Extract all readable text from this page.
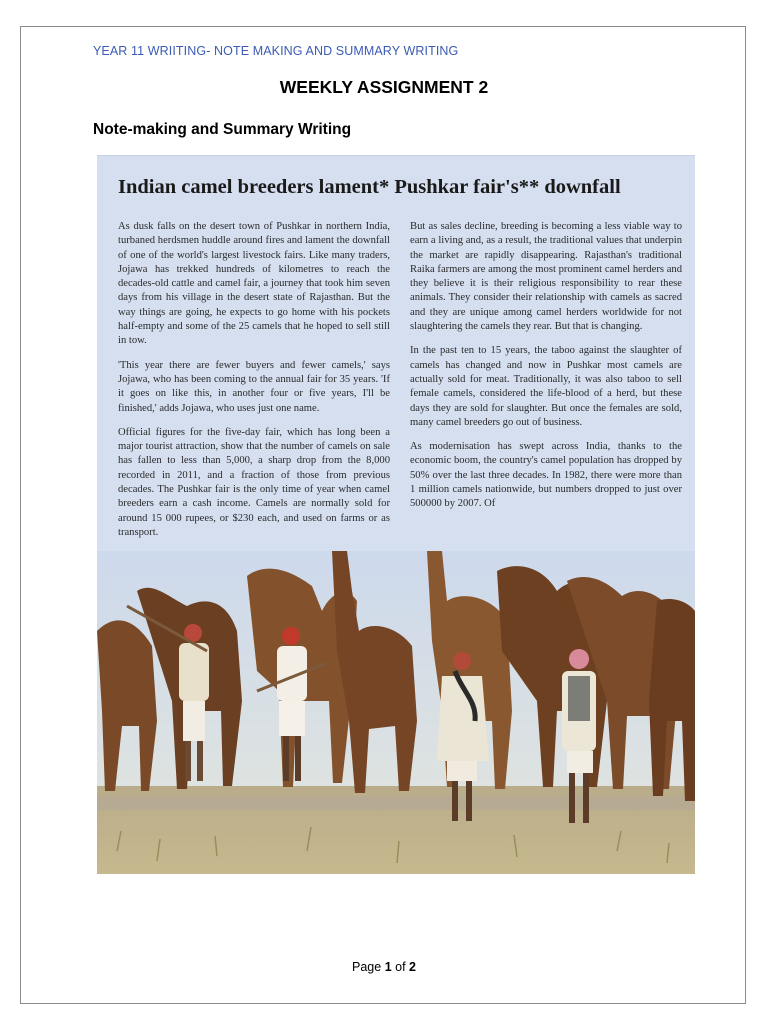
YEAR 11 WRIITING- NOTE MAKING AND SUMMARY WRITING
WEEKLY ASSIGNMENT 2
Note-making and Summary Writing
Indian camel breeders lament* Pushkar fair's** downfall

As dusk falls on the desert town of Pushkar in northern India, turbaned herdsmen huddle around fires and lament the downfall of one of the world's largest livestock fairs. Like many traders, Jojawa has trekked hundreds of kilometres to reach the decades-old cattle and camel fair, a journey that took him seven days from his village in the desert state of Rajasthan. But the way things are going, he expects to go home with his pockets half-empty and some of the 25 camels that he hoped to sell still in tow.

'This year there are fewer buyers and fewer camels,' says Jojawa, who has been coming to the annual fair for 35 years. 'If it goes on like this, in another four or five years, I'll be finished,' adds Jojawa, who uses just one name.

Official figures for the five-day fair, which has long been a major tourist attraction, show that the number of camels on sale has fallen to less than 5,000, a sharp drop from the 8,000 recorded in 2011, and a fraction of those from previous decades. The Pushkar fair is the only time of year when camel breeders earn a cash income. Camels are normally sold for around 15 000 rupees, or $230 each, and used on farms or as transport.

But as sales decline, breeding is becoming a less viable way to earn a living and, as a result, the traditional values that underpin the market are rapidly disappearing. Rajasthan's traditional Raika farmers are among the most prominent camel herders and they believe it is their religious responsibility to rear these animals. They consider their relationship with camels as sacred and they are unique among camel herders worldwide for not slaughtering the camels they rear. But that is changing.

In the past ten to 15 years, the taboo against the slaughter of camels has changed and now in Pushkar most camels are actually sold for meat. Traditionally, it was also taboo to sell female camels, considered the life-blood of a herd, but these days they are sold for slaughter. But once the females are sold, many camel breeders go out of business.

As modernisation has swept across India, thanks to the economic boom, the country's camel population has dropped by 50% over the last three decades. In 1982, there were more than 1 million camels nationwide, but numbers dropped to just over 500000 by 2007. Of

Page 1 of 2
